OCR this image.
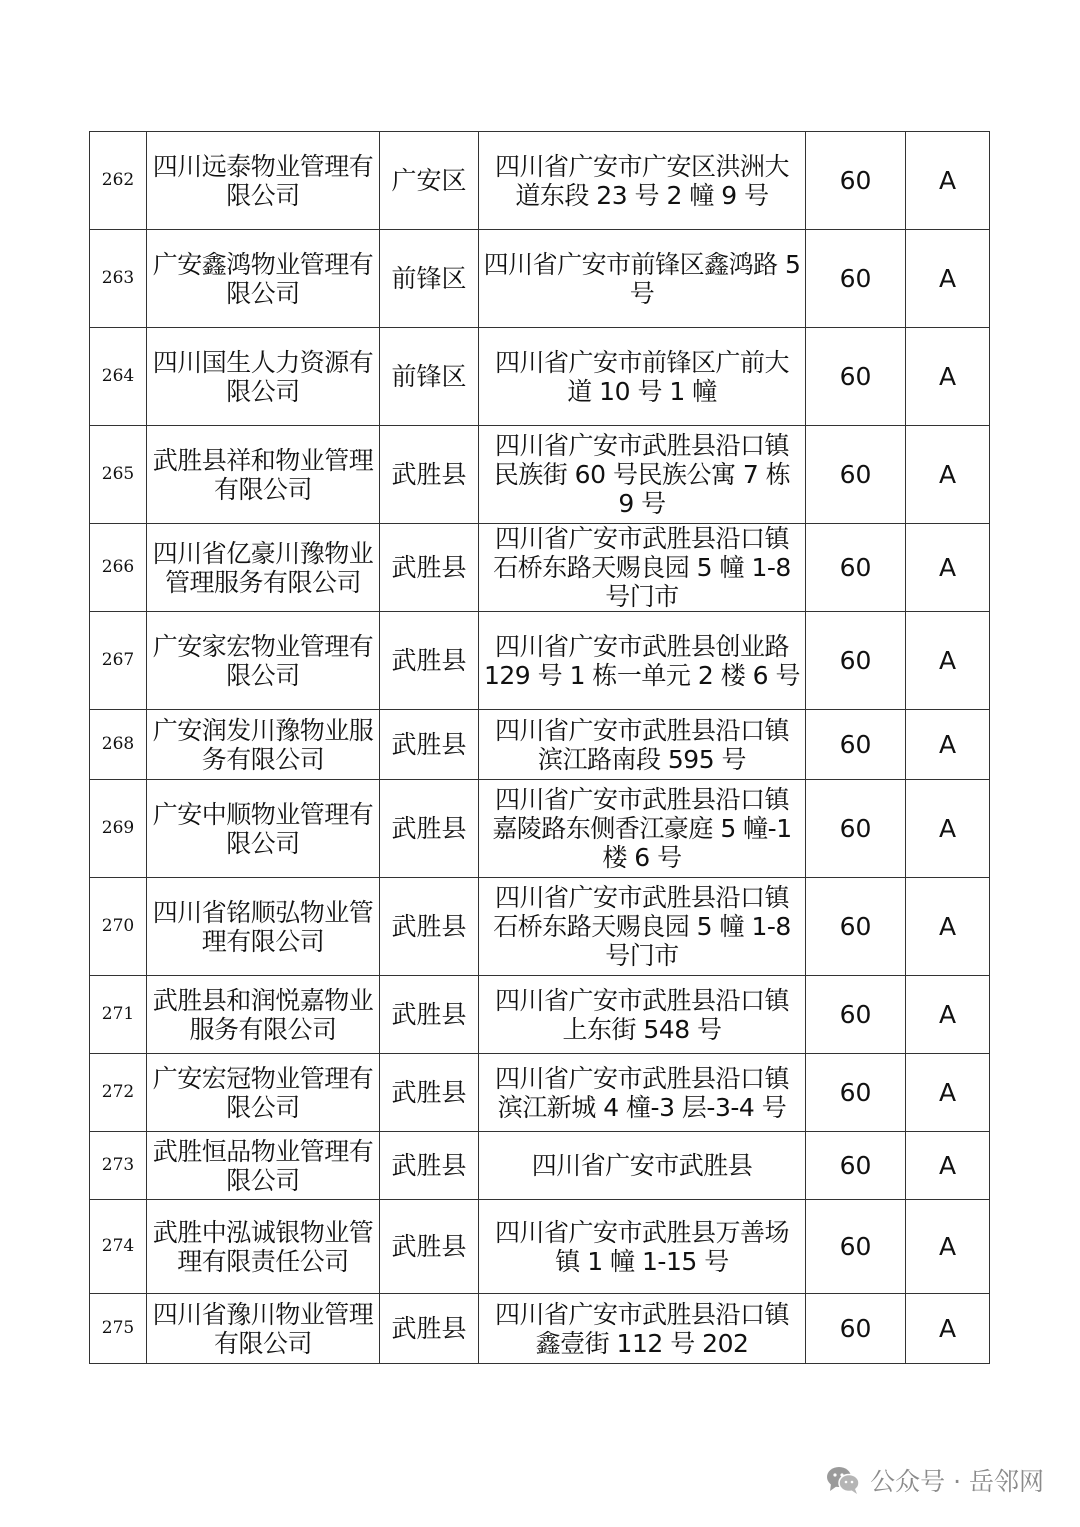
262	四川远泰物业管理有限公司	广安区	四川省广安市广安区洪洲大道东段 23 号 2 幢 9 号	60	A
263	广安鑫鸿物业管理有限公司	前锋区	四川省广安市前锋区鑫鸿路 5 号	60	A
264	四川国生人力资源有限公司	前锋区	四川省广安市前锋区广前大道 10 号 1 幢	60	A
265	武胜县祥和物业管理有限公司	武胜县	四川省广安市武胜县沿口镇民族街 60 号民族公寓 7 栋 9 号	60	A
266	四川省亿豪川豫物业管理服务有限公司	武胜县	四川省广安市武胜县沿口镇石桥东路天赐良园 5 幢 1-8 号门市	60	A
267	广安家宏物业管理有限公司	武胜县	四川省广安市武胜县创业路 129 号 1 栋一单元 2 楼 6 号	60	A
268	广安润发川豫物业服务有限公司	武胜县	四川省广安市武胜县沿口镇滨江路南段 595 号	60	A
269	广安中顺物业管理有限公司	武胜县	四川省广安市武胜县沿口镇嘉陵路东侧香江豪庭 5 幢-1 楼 6 号	60	A
270	四川省铭顺弘物业管理有限公司	武胜县	四川省广安市武胜县沿口镇石桥东路天赐良园 5 幢 1-8 号门市	60	A
271	武胜县和润悦嘉物业服务有限公司	武胜县	四川省广安市武胜县沿口镇上东街 548 号	60	A
272	广安宏冠物业管理有限公司	武胜县	四川省广安市武胜县沿口镇滨江新城 4 橦-3 层-3-4 号	60	A
273	武胜恒品物业管理有限公司	武胜县	四川省广安市武胜县	60	A
274	武胜中泓诚银物业管理有限责任公司	武胜县	四川省广安市武胜县万善场镇 1 幢 1-15 号	60	A
275	四川省豫川物业管理有限公司	武胜县	四川省广安市武胜县沿口镇鑫壹街 112 号 202	60	A
公众号 · 岳邻网
